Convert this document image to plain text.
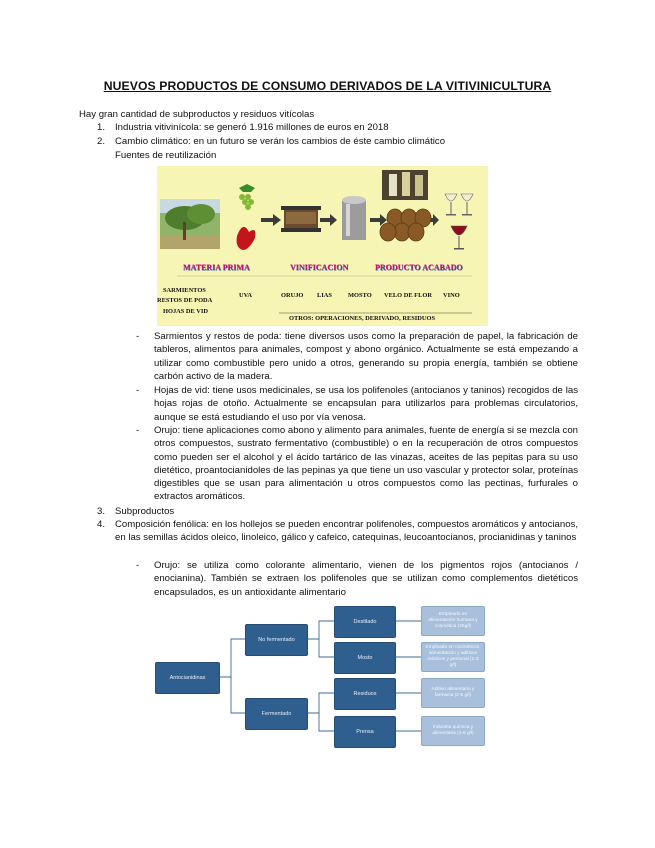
NUEVOS PRODUCTOS DE CONSUMO DERIVADOS DE LA VITIVINICULTURA
Hay gran cantidad de subproductos y residuos vitícolas
1. Industria vitivinícola: se generó 1.916 millones de euros en 2018
2. Cambio climático: en un futuro se verán los cambios de éste cambio climático
Fuentes de reutilización
MATERIA PRIMA	VINIFICACION	PRODUCTO ACABADO
SARMIENTOS
RESTOS DE PODA
HOJAS DE VID
UVA	ORUJO LIAS	MOSTO VELO DE FLOR VINO
OTROS: OPERACIONES, DERIVADO, RESIDUOS
- Sarmientos y restos de poda: tiene diversos usos como la preparación de papel, la fabricación de tableros, alimentos para animales, compost y abono orgánico. Actualmente se está empezando a utilizar como combustible pero unido a otros, generando su propia energía, también se obtiene carbón activo de la madera.
- Hojas de vid: tiene usos medicinales, se usa los polifenoles (antocianos y taninos) recogidos de las hojas rojas de otoño. Actualmente se encapsulan para utilizarlos para problemas circulatorios, aunque se está estudiando el uso por vía venosa.
- Orujo: tiene aplicaciones como abono y alimento para animales, fuente de energía si se mezcla con otros compuestos, sustrato fermentativo (combustible) o en la recuperación de otros compuestos como pueden ser el alcohol y el ácido tartárico de las vinazas, aceites de las pepitas para su uso dietético, proantocianidoles de las pepinas ya que tiene un uso vascular y protector solar, proteínas digestibles que se usan para alimentación u otros compuestos como las pectinas, furfurales o extractos aromáticos.
3. Subproductos
4. Composición fenólica: en los hollejos se pueden encontrar polifenoles, compuestos aromáticos y antocianos, en las semillas ácidos oleico, linoleico, gálico y cafeico, catequinas, leucoantocianos, procianidinas y taninos
- Orujo: se utiliza como colorante alimentario, vienen de los pigmentos rojos (antocianos / enocianina). También se extraen los polifenoles que se utilizan como complementos dietéticos encapsulados, es un antioxidante alimentario
Antocianidinas
No fermentado
Fermentado
Destilado
Mosto
Residuos
Prensa
Empleado en alimentación humana y cosmética (25g/l)
Empleado en cosméticos, alimentación y aditivos médicos y personal (1-3 g/l)
Aditivo alimentario y farmacia (2-5 g/l)
Industria química y alimentaria (1-6 g/l)
